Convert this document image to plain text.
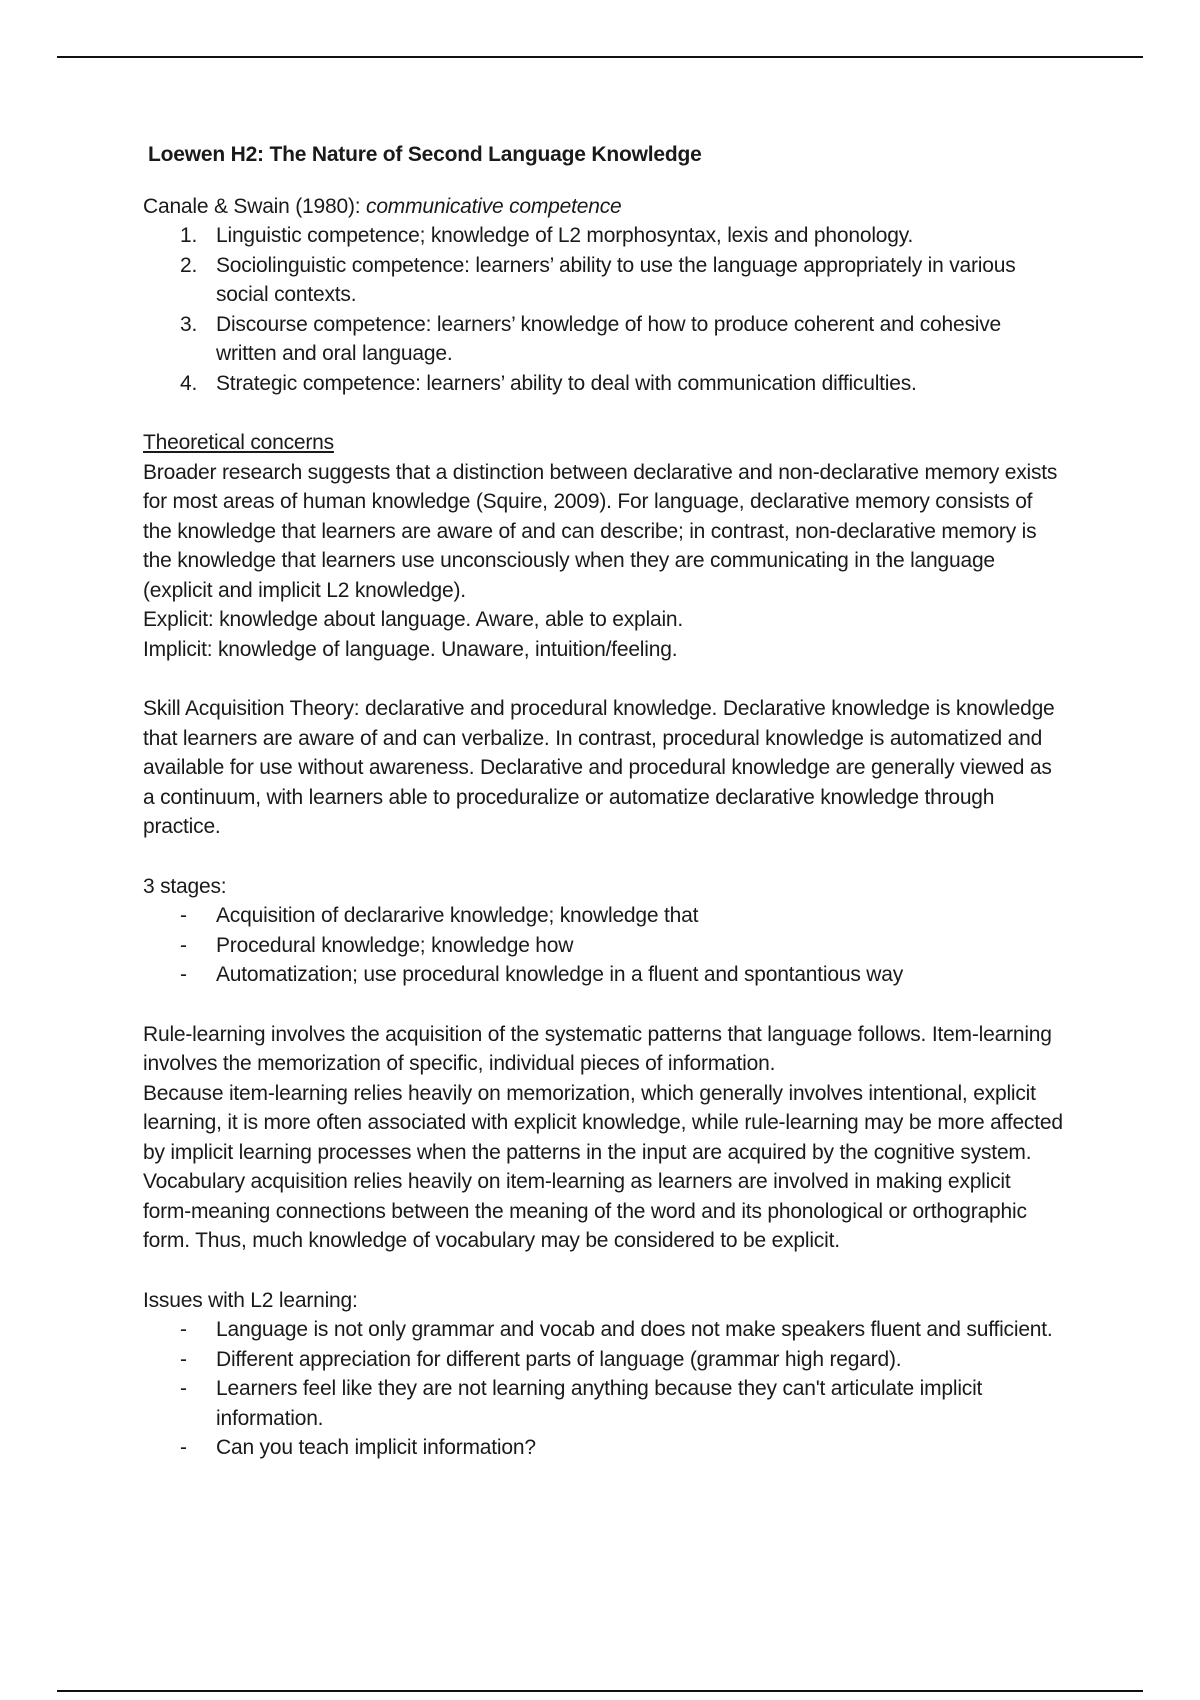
Loewen H2: The Nature of Second Language Knowledge

Canale & Swain (1980): communicative competence

1. Linguistic competence; knowledge of L2 morphosyntax, lexis and phonology.
2. Sociolinguistic competence: learners’ ability to use the language appropriately in various social contexts.
3. Discourse competence: learners’ knowledge of how to produce coherent and cohesive written and oral language.
4. Strategic competence: learners’ ability to deal with communication difficulties.

Theoretical concerns

Broader research suggests that a distinction between declarative and non-declarative memory exists for most areas of human knowledge (Squire, 2009). For language, declarative memory consists of the knowledge that learners are aware of and can describe; in contrast, non-declarative memory is the knowledge that learners use unconsciously when they are communicating in the language (explicit and implicit L2 knowledge).

Explicit: knowledge about language. Aware, able to explain.

Implicit: knowledge of language. Unaware, intuition/feeling.

Skill Acquisition Theory: declarative and procedural knowledge. Declarative knowledge is knowledge that learners are aware of and can verbalize. In contrast, procedural knowledge is automatized and available for use without awareness. Declarative and procedural knowledge are generally viewed as a continuum, with learners able to proceduralize or automatize declarative knowledge through practice.

3 stages:

-	Acquisition of declararive knowledge; knowledge that
-	Procedural knowledge; knowledge how
-	Automatization; use procedural knowledge in a fluent and spontantious way

Rule-learning involves the acquisition of the systematic patterns that language follows. Item-learning involves the memorization of specific, individual pieces of information.

Because item-learning relies heavily on memorization, which generally involves intentional, explicit learning, it is more often associated with explicit knowledge, while rule-learning may be more affected by implicit learning processes when the patterns in the input are acquired by the cognitive system. Vocabulary acquisition relies heavily on item-learning as learners are involved in making explicit form-meaning connections between the meaning of the word and its phonological or orthographic form. Thus, much knowledge of vocabulary may be considered to be explicit.

Issues with L2 learning:

-	Language is not only grammar and vocab and does not make speakers fluent and sufficient.
-	Different appreciation for different parts of language (grammar high regard).
-	Learners feel like they are not learning anything because they can't articulate implicit information.
-	Can you teach implicit information?
